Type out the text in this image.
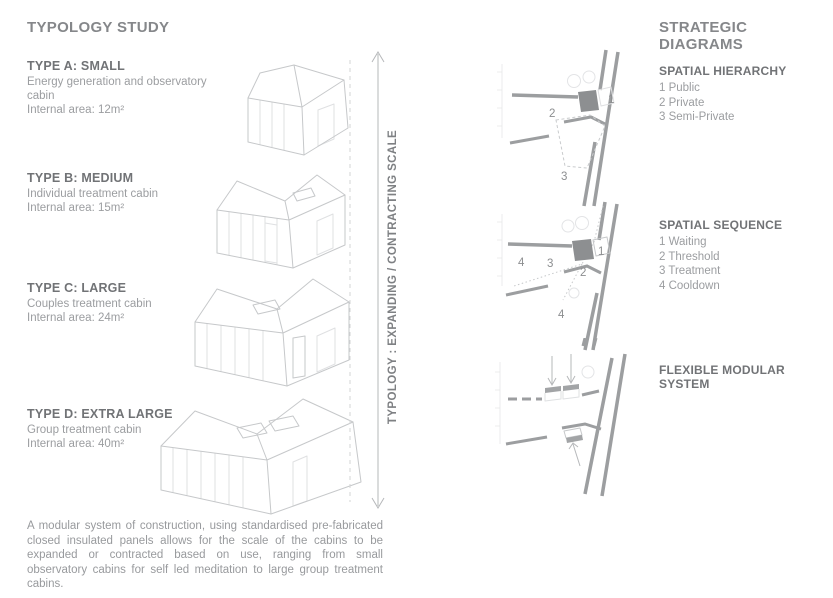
TYPOLOGY STUDY

TYPE A: SMALL

Energy generation and observatory cabin

Internal area: 12m²

TYPE B: MEDIUM

Individual treatment cabin

Internal area: 15m²

TYPE C: LARGE

Couples treatment cabin

Internal area: 24m²

TYPE D: EXTRA LARGE

Group treatment cabin

Internal area: 40m²

A modular system of construction, using standardised pre-fabricated closed insulated panels allows for the scale of the cabins to be expanded or contracted based on use, ranging from small observatory cabins for self led meditation to large group treatment cabins.

TYPOLOGY : EXPANDING / CONTRACTING SCALE
STRATEGIC DIAGRAMS
1
2
3

SPATIAL HIERARCHY

1 Public

2 Private

3 Semi-Private

1
2
3
4
4

SPATIAL SEQUENCE

1 Waiting

2 Threshold

3 Treatment

4 Cooldown

FLEXIBLE MODULAR SYSTEM
